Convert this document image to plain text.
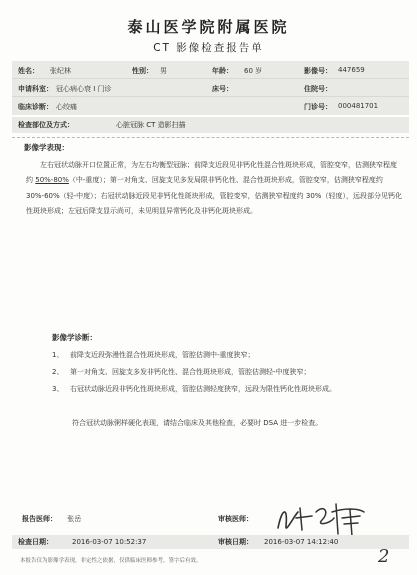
泰山医学院附属医院
CT 影像检查报告单
姓名： 张纪林	性别： 男	年龄： 60 岁	影像号： 447659
申请科室： 冠心病心衰 I 门诊	床号：	住院号：
临床诊断： 心绞痛	门诊号： 000481701
检查部位及方式：	心脏冠脉 CT 造影扫描
影像学表现：

左右冠状动脉开口位置正常，为左右均衡型冠脉；前降支近段见非钙化性混合性斑块形成，管腔变窄，估测狭窄程度约 50%-80%（中-重度）；第一对角支、回旋支见多发局限非钙化性、混合性斑块形成，管腔变窄，估测狭窄程度约30%-60%（轻-中度）；右冠状动脉近段见非钙化性斑块形成，管腔变窄，估测狭窄程度约 30%（轻度），远段部分见钙化性斑块形成；左冠后降支显示尚可，未见明显异常钙化及非钙化斑块形成。

影像学诊断：
1、 前降支近段弥漫性混合性斑块形成，管腔估测中-重度狭窄；
2、 第一对角支、回旋支多发非钙化性、混合性斑块形成，管腔估测轻-中度狭窄；
3、 右冠状动脉近段非钙化性斑块形成，管腔估测轻度狭窄，远段为限性钙化性斑块形成。
符合冠状动脉粥样硬化表现，请结合临床及其他检查，必要时 DSA 进一步检查。
报告医师： 张岳	审核医师：
检查日期：	2016-03-07 10:52:37	审核日期： 2016-03-07 14:12:40
本报告仅为影像学表现，非定性之依据，仅供临床医师参考，签字后有效。	2
